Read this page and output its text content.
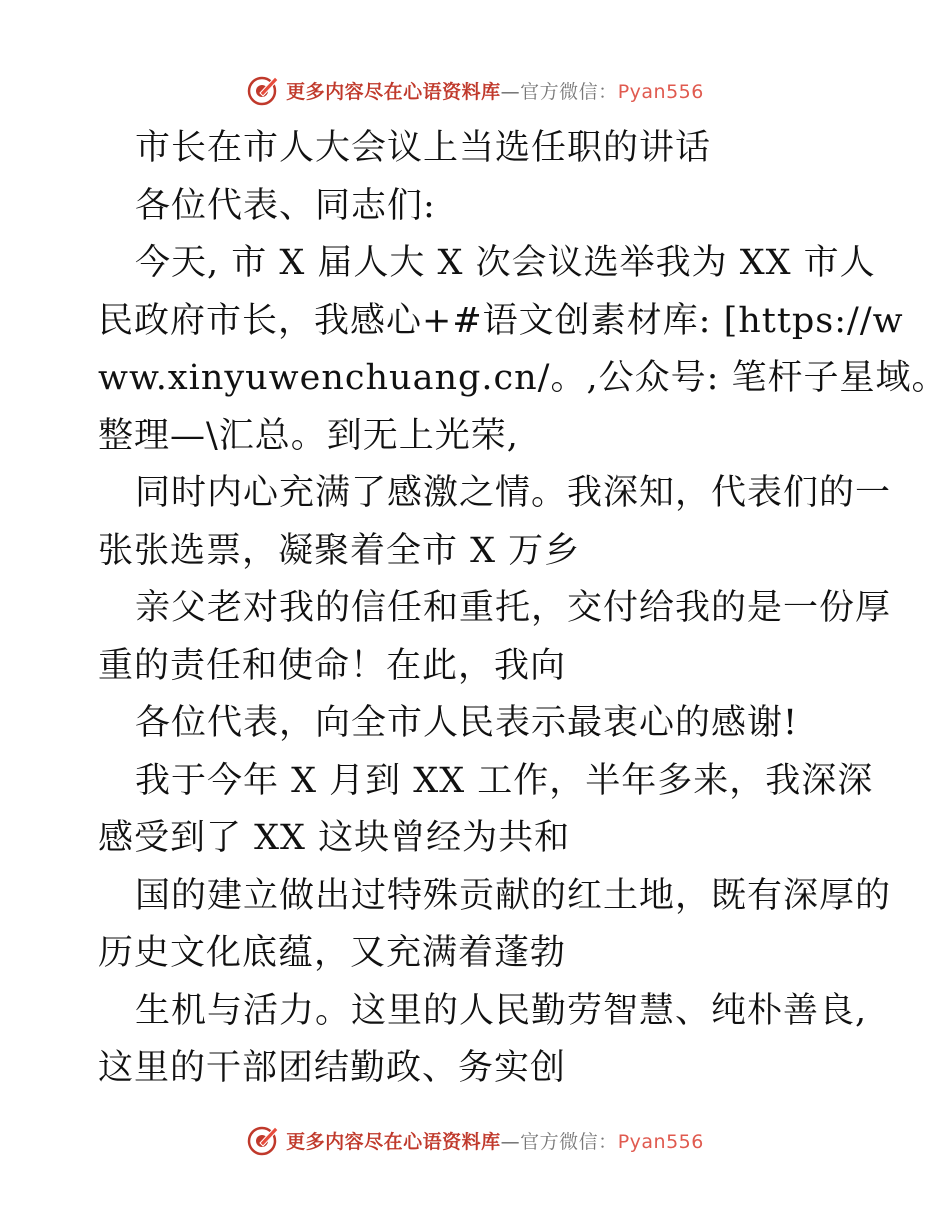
更多内容尽在心语资料库—官方微信：Pyan556
市长在市人大会议上当选任职的讲话
各位代表、同志们:
今天, 市 X 届人大 X 次会议选举我为 XX 市人
民政府市长，我感心+#语文创素材库: [https://w
ww.xinyuwenchuang.cn/。,公众号: 笔杆子星域。
整理—\汇总。到无上光荣,
同时内心充满了感激之情。我深知，代表们的一
张张选票，凝聚着全市 X 万乡
亲父老对我的信任和重托，交付给我的是一份厚
重的责任和使命！在此，我向
各位代表，向全市人民表示最衷心的感谢!
我于今年 X 月到 XX 工作，半年多来，我深深
感受到了 XX 这块曾经为共和
国的建立做出过特殊贡献的红土地，既有深厚的
历史文化底蕴，又充满着蓬勃
生机与活力。这里的人民勤劳智慧、纯朴善良,
这里的干部团结勤政、务实创
更多内容尽在心语资料库—官方微信：Pyan556
